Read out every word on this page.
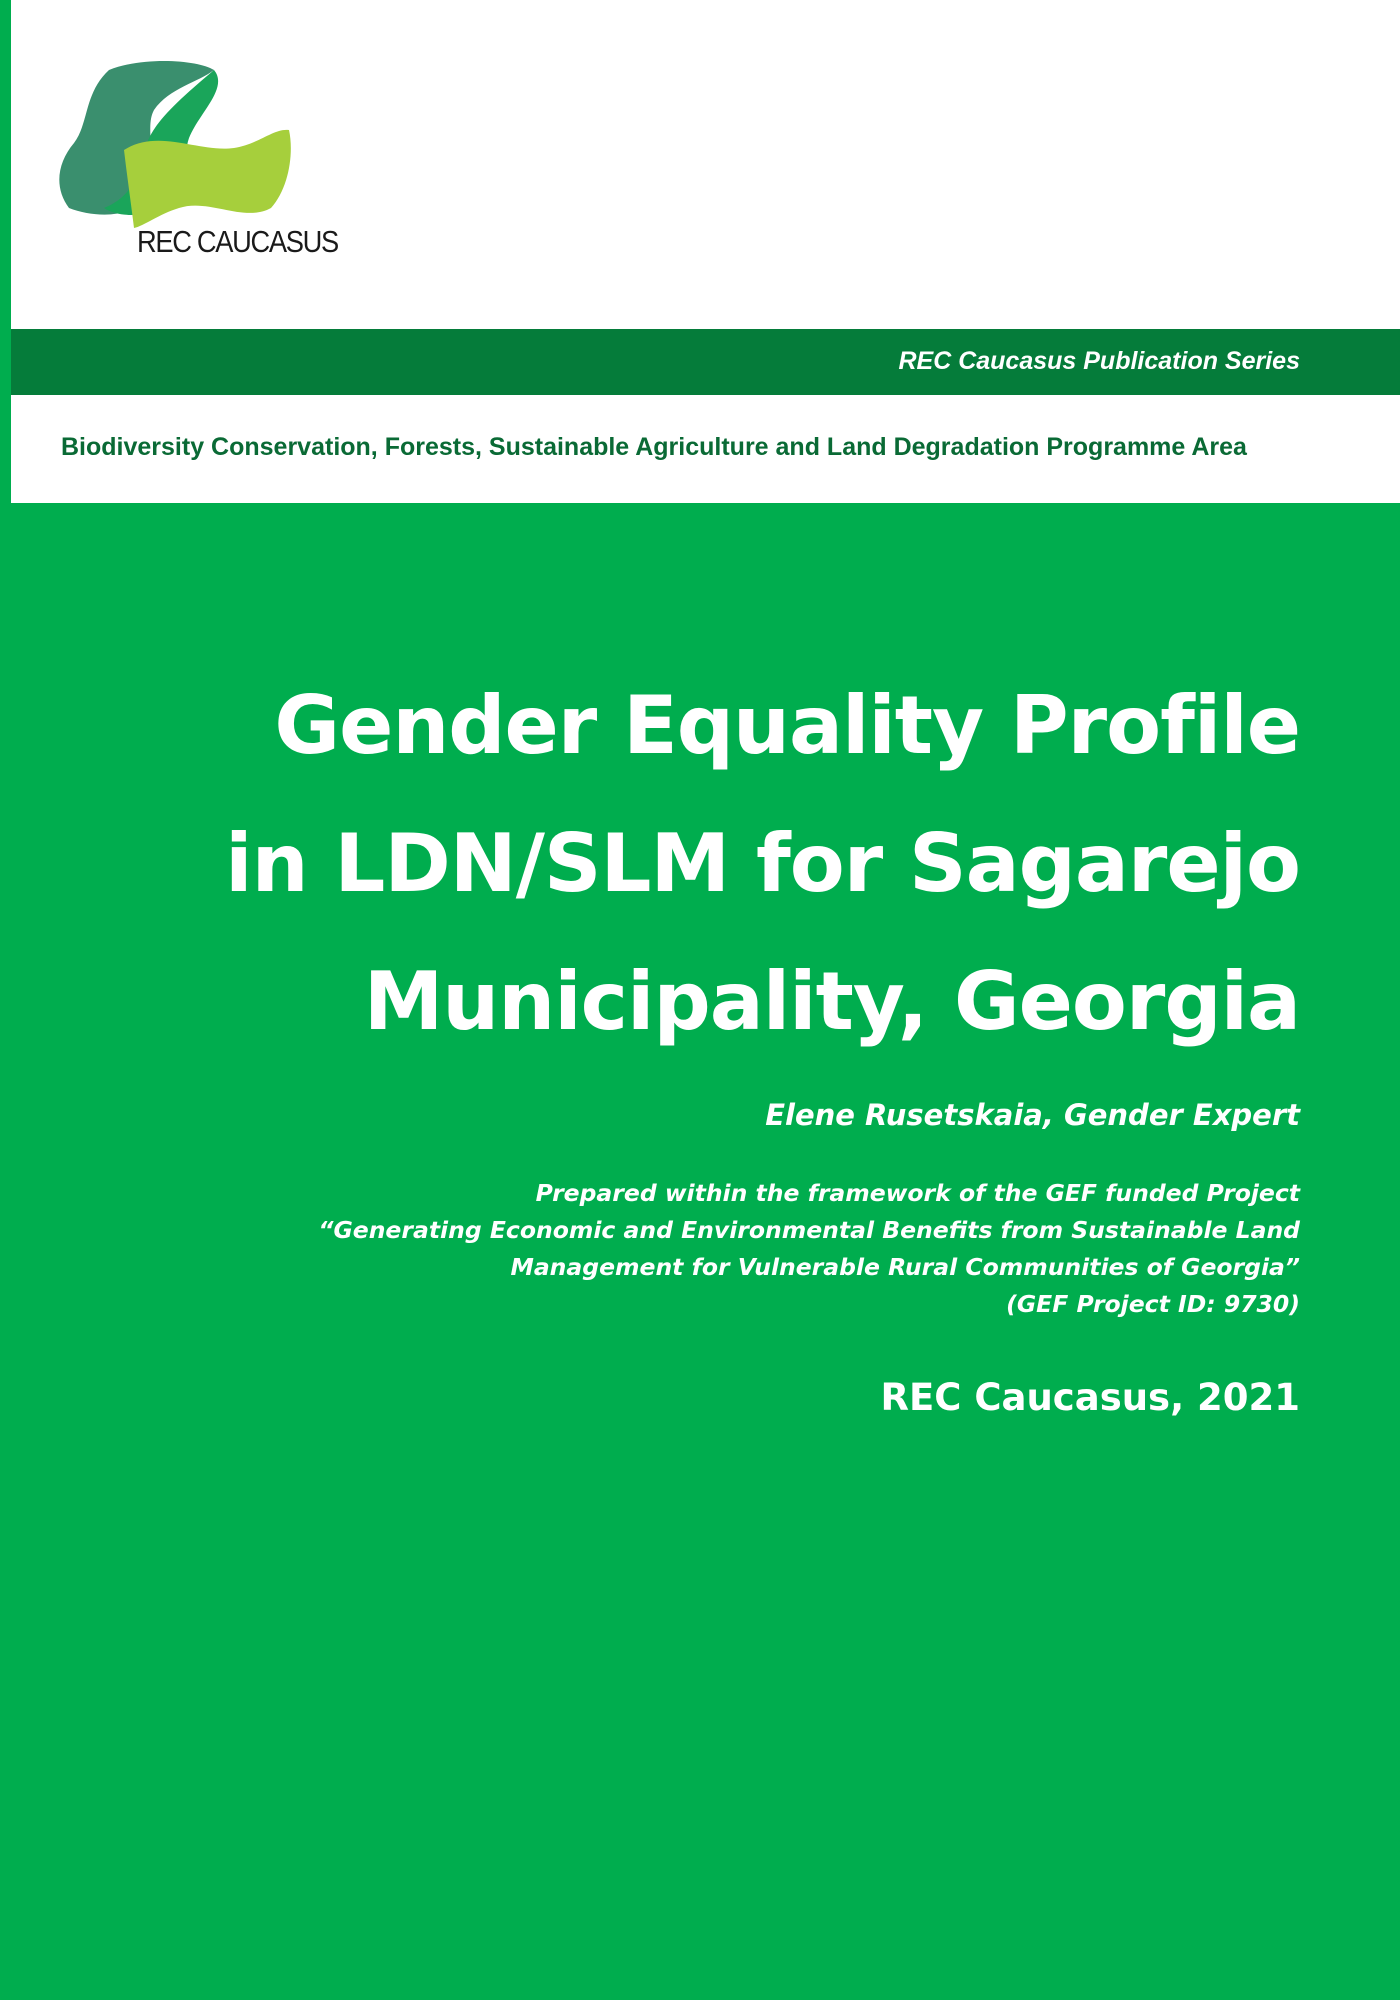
REC CAUCASUS
REC Caucasus Publication Series
Biodiversity Conservation, Forests, Sustainable Agriculture and Land Degradation Programme Area
Gender Equality Profile
in LDN/SLM for Sagarejo
Municipality, Georgia
Elene Rusetskaia, Gender Expert
Prepared within the framework of the GEF funded Project
“Generating Economic and Environmental Benefits from Sustainable Land
Management for Vulnerable Rural Communities of Georgia”
(GEF Project ID: 9730)
REC Caucasus, 2021
